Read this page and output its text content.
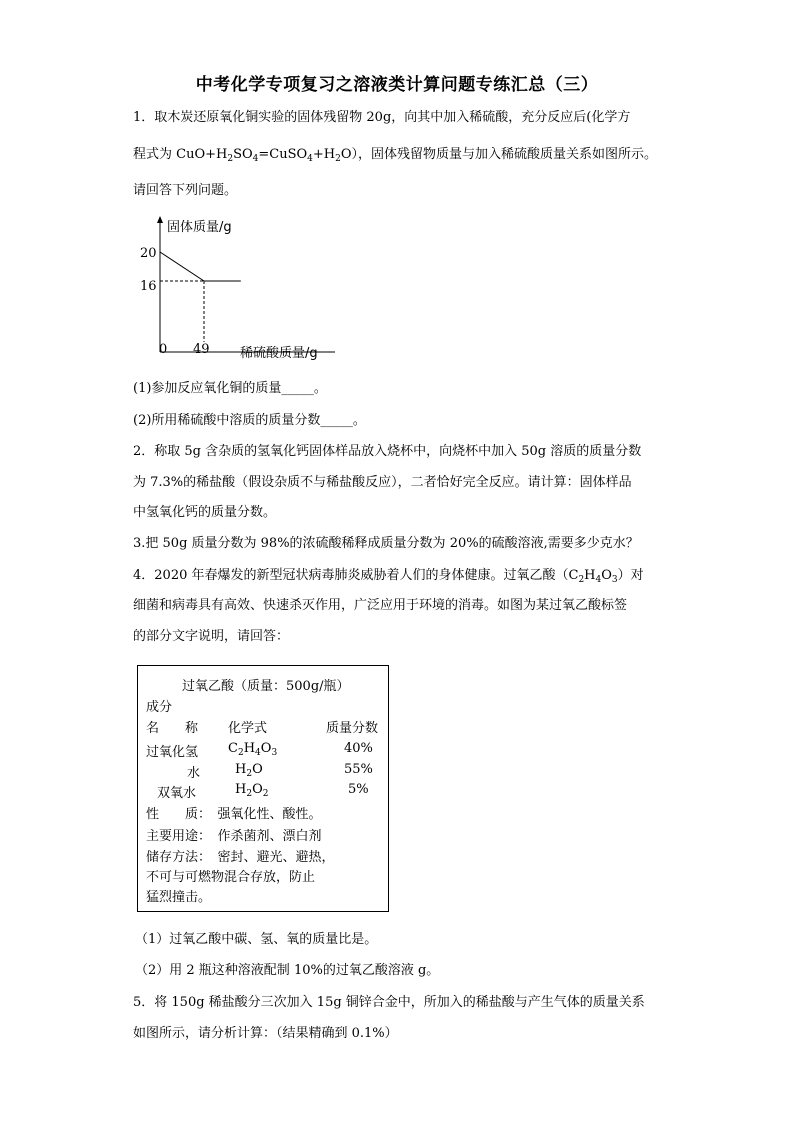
中考化学专项复习之溶液类计算问题专练汇总（三）
1．取木炭还原氧化铜实验的固体残留物 20g，向其中加入稀硫酸，充分反应后(化学方
程式为 $CuO+H_2SO_4=CuSO_4+H_2O$），固体残留物质量与加入稀硫酸质量关系如图所示。
请回答下列问题。
固体质量/g
稀硫酸质量/g
20
16
0 49
(1)参加反应氧化铜的质量_____。
(2)所用稀硫酸中溶质的质量分数_____。
2．称取 5g 含杂质的氢氧化钙固体样品放入烧杯中，向烧杯中加入 50g 溶质的质量分数
为 7.3%的稀盐酸（假设杂质不与稀盐酸反应），二者恰好完全反应。请计算：固体样品
中氢氧化钙的质量分数。
3.把 50g 质量分数为 98%的浓硫酸稀释成质量分数为 20%的硫酸溶液,需要多少克水？
4．2020 年春爆发的新型冠状病毒肺炎威胁着人们的身体健康。过氧乙酸$(C_2H_4O_3)$对
细菌和病毒具有高效、快速杀灭作用，广泛应用于环境的消毒。如图为某过氧乙酸标签
的部分文字说明，请回答：
过氧乙酸（质量：500g/瓶）
成分
名　　称 化学式	质量分数
过氧化氢 $C_2H_4O_3$	40%
水	$H_2O$	55%
双氧水	$H_2O_2$	5%
性　　质：　强氧化性、酸性。
主要用途：　作杀菌剂、漂白剂
储存方法：　密封、避光、避热，
不可与可燃物混合存放，防止
猛烈撞击。
（1）过氧乙酸中碳、氢、氧的质量比是。
（2）用 2 瓶这种溶液配制 10%的过氧乙酸溶液 g。
5．将 150g 稀盐酸分三次加入 15g 铜锌合金中，所加入的稀盐酸与产生气体的质量关系
如图所示，请分析计算：（结果精确到 0.1%）
